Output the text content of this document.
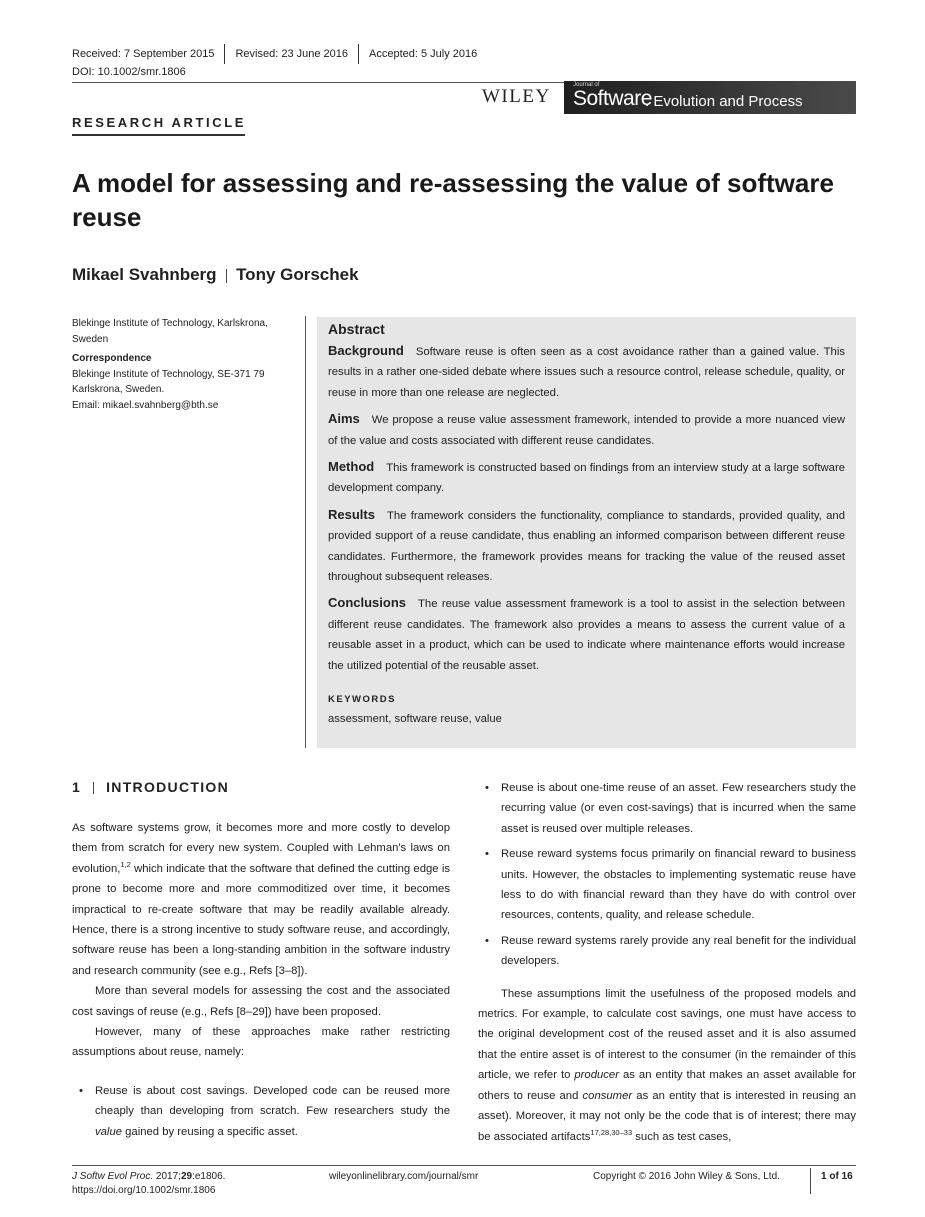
Received: 7 September 2015 Revised: 23 June 2016 Accepted: 5 July 2016
DOI: 10.1002/smr.1806
WILEY
Journal of
Software
: Evolution and Process
RESEARCH ARTICLE
A model for assessing and re-assessing the value of software reuse
Mikael Svahnberg Tony Gorschek
Blekinge Institute of Technology, Karlskrona, Sweden
Correspondence
Blekinge Institute of Technology, SE-371 79 Karlskrona, Sweden.
Email: mikael.svahnberg@bth.se
Abstract

Background Software reuse is often seen as a cost avoidance rather than a gained value. This results in a rather one-sided debate where issues such a resource control, release schedule, quality, or reuse in more than one release are neglected.

Aims We propose a reuse value assessment framework, intended to provide a more nuanced view of the value and costs associated with different reuse candidates.

Method This framework is constructed based on findings from an interview study at a large software development company.

Results The framework considers the functionality, compliance to standards, provided quality, and provided support of a reuse candidate, thus enabling an informed comparison between different reuse candidates. Furthermore, the framework provides means for tracking the value of the reused asset throughout subsequent releases.

Conclusions The reuse value assessment framework is a tool to assist in the selection between different reuse candidates. The framework also provides a means to assess the current value of a reusable asset in a product, which can be used to indicate where maintenance efforts would increase the utilized potential of the reusable asset.

KEYWORDS
assessment, software reuse, value
1 INTRODUCTION

As software systems grow, it becomes more and more costly to develop them from scratch for every new system. Coupled with Lehman's laws on evolution,$^{1,2}$ which indicate that the software that defined the cutting edge is prone to become more and more commoditized over time, it becomes impractical to re-create software that may be readily available already. Hence, there is a strong incentive to study software reuse, and accordingly, software reuse has been a long-standing ambition in the software industry and research community (see e.g., Refs [3–8]).

More than several models for assessing the cost and the associated cost savings of reuse (e.g., Refs [8–29]) have been proposed.

However, many of these approaches make rather restricting assumptions about reuse, namely:

• Reuse is about cost savings. Developed code can be reused more cheaply than developing from scratch. Few researchers study the value gained by reusing a specific asset.
• Reuse is about one-time reuse of an asset. Few researchers study the recurring value (or even cost-savings) that is incurred when the same asset is reused over multiple releases.
• Reuse reward systems focus primarily on financial reward to business units. However, the obstacles to implementing systematic reuse have less to do with financial reward than they have do with control over resources, contents, quality, and release schedule.
• Reuse reward systems rarely provide any real benefit for the individual developers.

These assumptions limit the usefulness of the proposed models and metrics. For example, to calculate cost savings, one must have access to the original development cost of the reused asset and it is also assumed that the entire asset is of interest to the consumer (in the remainder of this article, we refer to producer as an entity that makes an asset available for others to reuse and consumer as an entity that is interested in reusing an asset). Moreover, it may not only be the code that is of interest; there may be associated artifacts$^{17,28,30-33}$ such as test cases,

J Softw Evol Proc. 2017;29:e1806.
https://doi.org/10.1002/smr.1806
wileyonlinelibrary.com/journal/smr	Copyright © 2016 John Wiley & Sons, Ltd.	1 of 16
